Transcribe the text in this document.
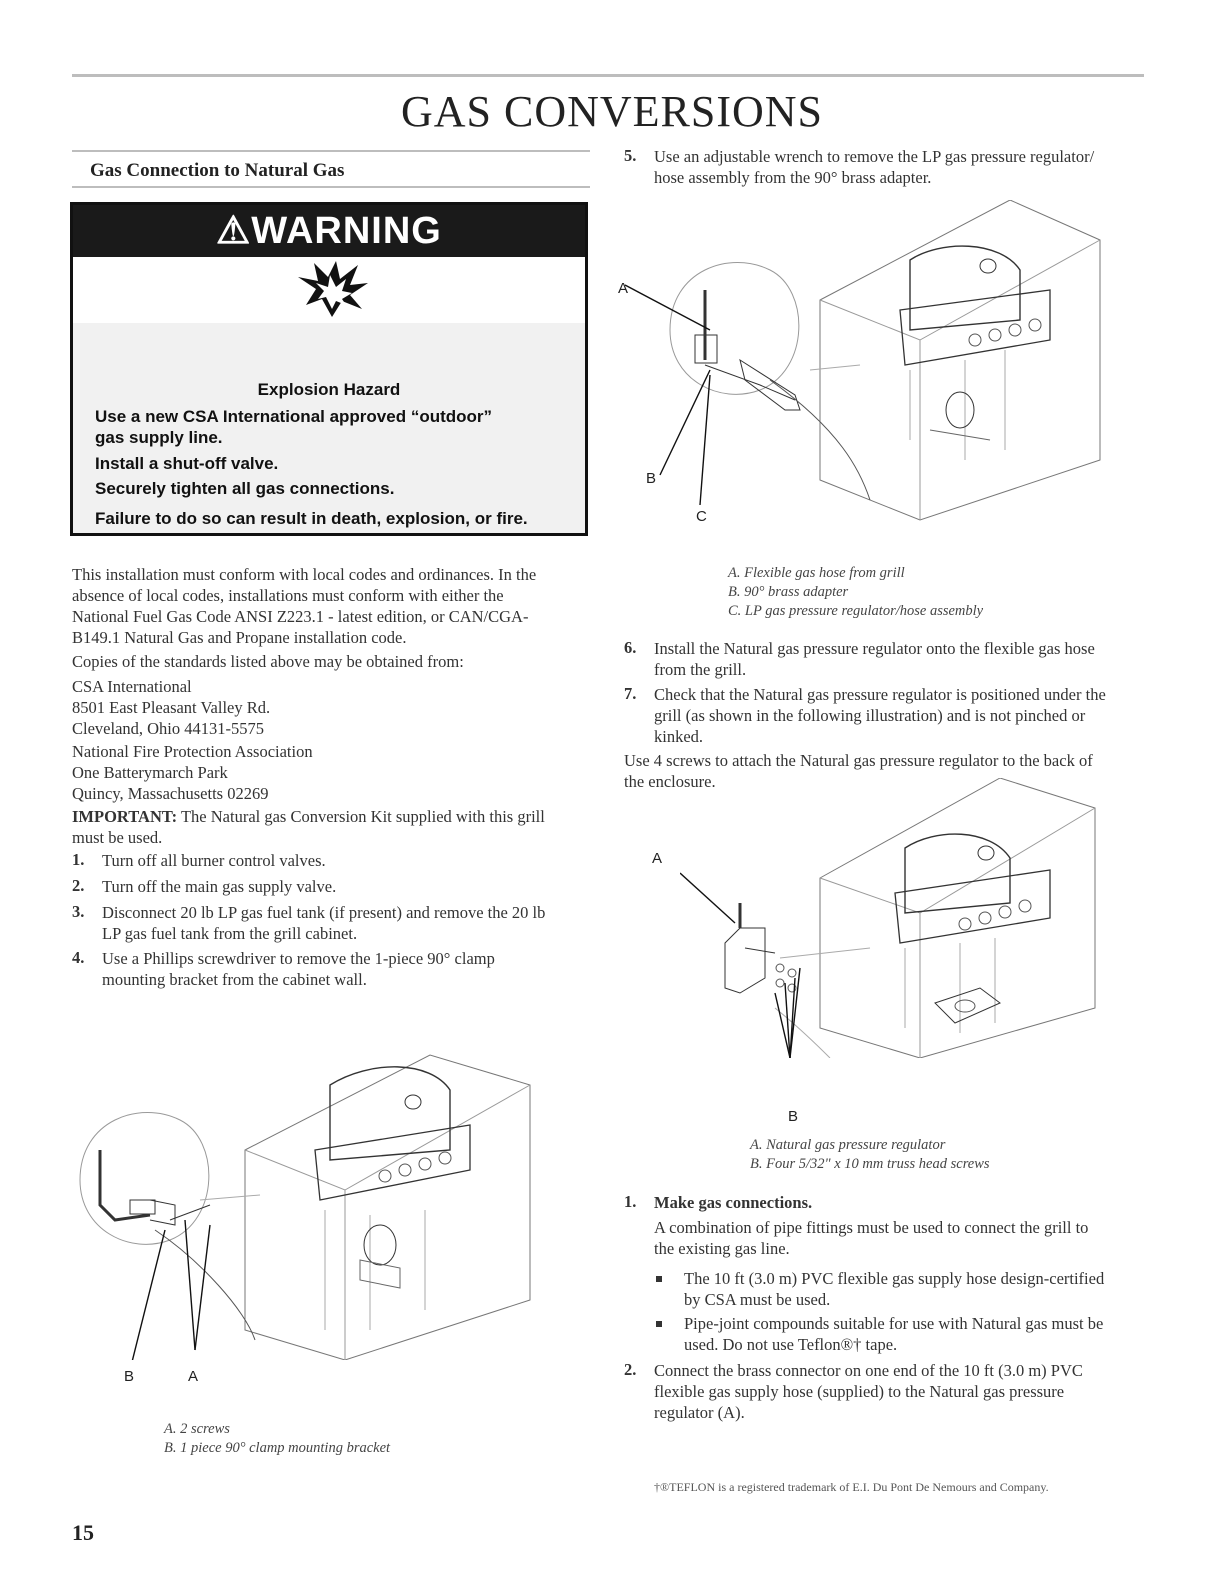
GAS CONVERSIONS
Gas Connection to Natural Gas
⚠WARNING
Explosion Hazard
Use a new CSA International approved “outdoor”
gas supply line.
Install a shut-off valve.
Securely tighten all gas connections.
Failure to do so can result in death, explosion, or fire.
This installation must conform with local codes and ordinances. In the
absence of local codes, installations must conform with either the
National Fuel Gas Code ANSI Z223.1 - latest edition, or CAN/CGA-
B149.1 Natural Gas and Propane installation code.
Copies of the standards listed above may be obtained from:
CSA International
8501 East Pleasant Valley Rd.
Cleveland, Ohio 44131-5575
National Fire Protection Association
One Batterymarch Park
Quincy, Massachusetts 02269
IMPORTANT: The Natural gas Conversion Kit supplied with this grill
must be used.
1. Turn off all burner control valves.
2. Turn off the main gas supply valve.
3. Disconnect 20 lb LP gas fuel tank (if present) and remove the 20 lb
LP gas fuel tank from the grill cabinet.
4. Use a Phillips screwdriver to remove the 1-piece 90° clamp
mounting bracket from the cabinet wall.
B	A
A. 2 screws
B. 1 piece 90° clamp mounting bracket
15
5. Use an adjustable wrench to remove the LP gas pressure regulator/
hose assembly from the 90° brass adapter.
A
B
C
A. Flexible gas hose from grill
B. 90° brass adapter
C. LP gas pressure regulator/hose assembly
6. Install the Natural gas pressure regulator onto the flexible gas hose
from the grill.
7. Check that the Natural gas pressure regulator is positioned under the
grill (as shown in the following illustration) and is not pinched or
kinked.
Use 4 screws to attach the Natural gas pressure regulator to the back of
the enclosure.
A
B
A. Natural gas pressure regulator
B. Four 5/32" x 10 mm truss head screws
1. Make gas connections.
A combination of pipe fittings must be used to connect the grill to
the existing gas line.
The 10 ft (3.0 m) PVC flexible gas supply hose design-certified
by CSA must be used.
Pipe-joint compounds suitable for use with Natural gas must be
used. Do not use Teflon®† tape.
2. Connect the brass connector on one end of the 10 ft (3.0 m) PVC
flexible gas supply hose (supplied) to the Natural gas pressure
regulator (A).
†®TEFLON is a registered trademark of E.I. Du Pont De Nemours and Company.
